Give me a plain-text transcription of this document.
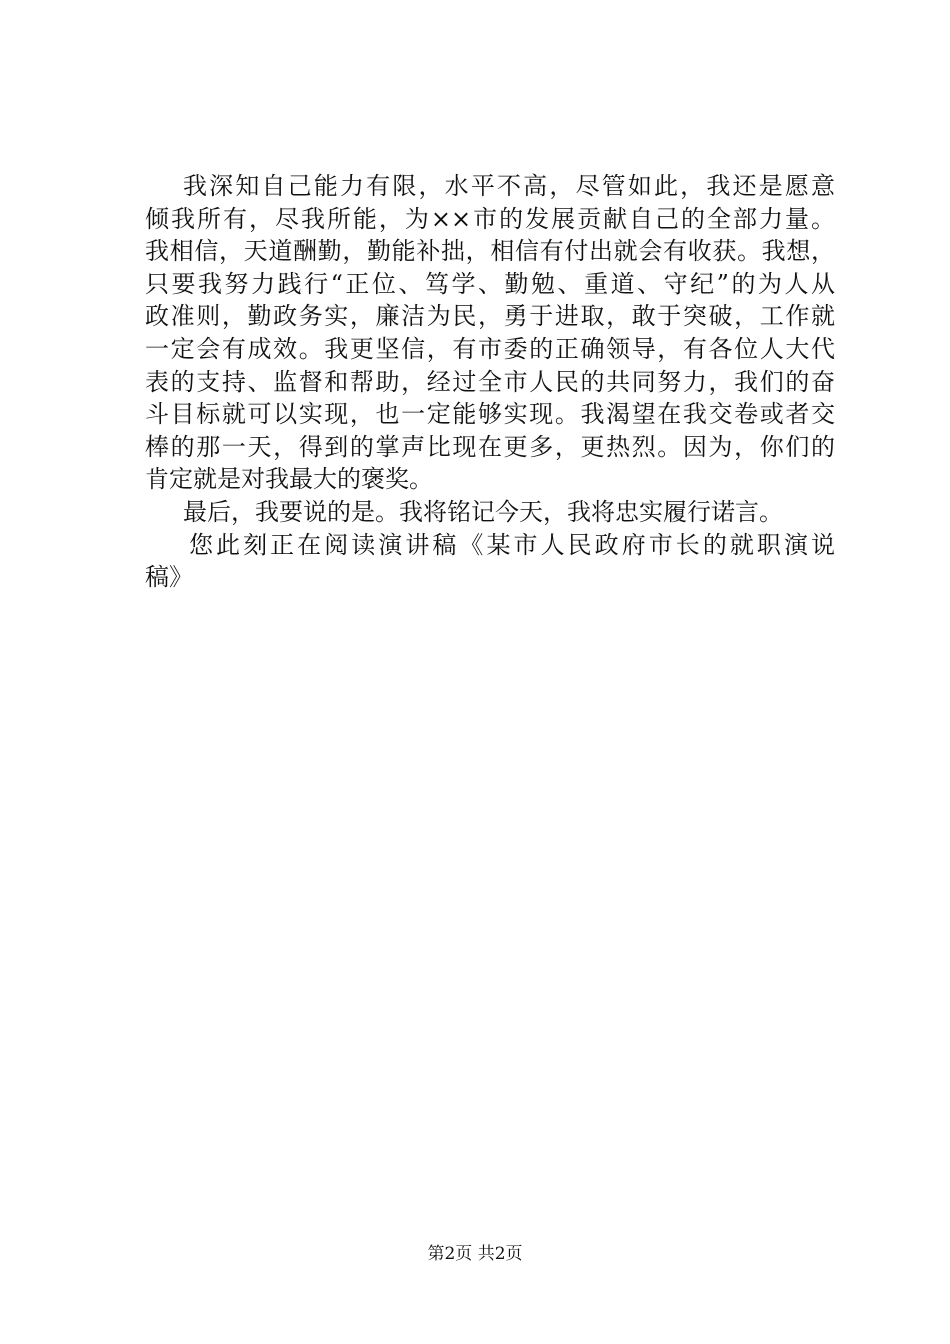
我深知自己能力有限，水平不高，尽管如此，我还是愿意
倾我所有，尽我所能，为××市的发展贡献自己的全部力量。
我相信，天道酬勤，勤能补拙，相信有付出就会有收获。我想，
只要我努力践行“正位、笃学、勤勉、重道、守纪”的为人从
政准则，勤政务实，廉洁为民，勇于进取，敢于突破，工作就
一定会有成效。我更坚信，有市委的正确领导，有各位人大代
表的支持、监督和帮助，经过全市人民的共同努力，我们的奋
斗目标就可以实现，也一定能够实现。我渴望在我交卷或者交
棒的那一天，得到的掌声比现在更多，更热烈。因为，你们的
肯定就是对我最大的褒奖。
最后，我要说的是。我将铭记今天，我将忠实履行诺言。
您此刻正在阅读演讲稿《某市人民政府市长的就职演说
稿》
第2页 共2页
